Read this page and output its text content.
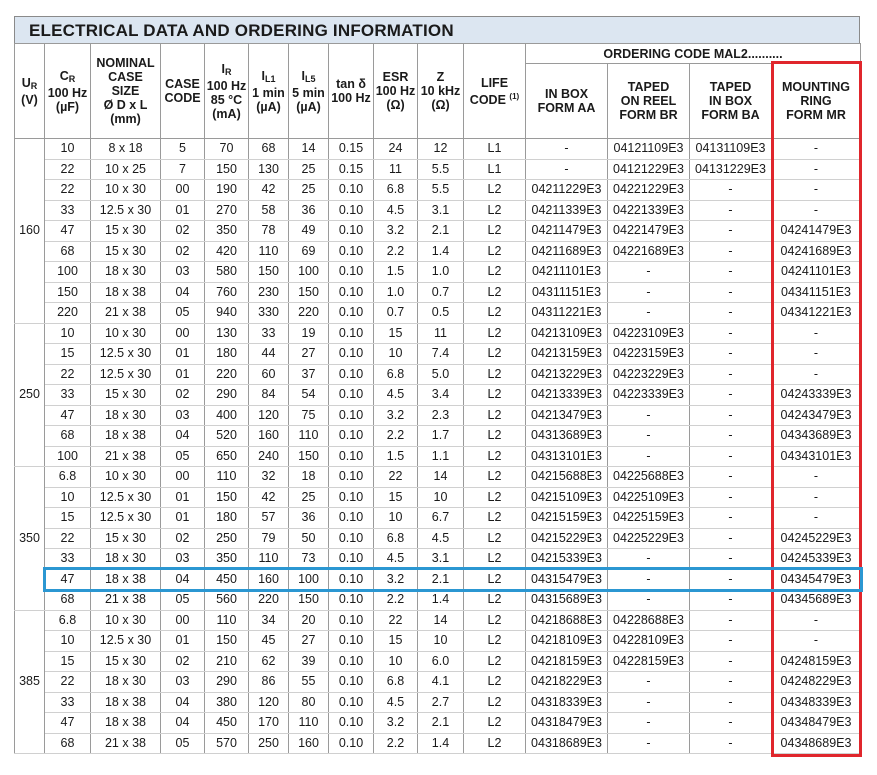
ELECTRICAL DATA AND ORDERING INFORMATION
$U_R$
(V)	$C_R$
100 Hz
(µF)	NOMINAL
CASE
SIZE
Ø D x L
(mm)	CASE
CODE	$I_R$
100 Hz
85 °C
(mA)	$I_{L1}$
1 min
(µA)	$I_{L5}$
5 min
(µA)	tan δ
100 Hz	ESR
100 Hz
(Ω)	Z
10 kHz
(Ω)	LIFE
CODE $^{(1)}$	ORDERING CODE MAL2..........			
											IN BOX
FORM AA	TAPED
ON REEL
FORM BR	TAPED
IN BOX
FORM BA	MOUNTING
RING
FORM MR
160	10	8 x 18	5	70	68	14	0.15	24	12	L1	-	04121109E3	04131109E3	-
	22	10 x 25	7	150	130	25	0.15	11	5.5	L1	-	04121229E3	04131229E3	-
	22	10 x 30	00	190	42	25	0.10	6.8	5.5	L2	04211229E3	04221229E3	-	-
	33	12.5 x 30	01	270	58	36	0.10	4.5	3.1	L2	04211339E3	04221339E3	-	-
	47	15 x 30	02	350	78	49	0.10	3.2	2.1	L2	04211479E3	04221479E3	-	04241479E3
	68	15 x 30	02	420	110	69	0.10	2.2	1.4	L2	04211689E3	04221689E3	-	04241689E3
	100	18 x 30	03	580	150	100	0.10	1.5	1.0	L2	04211101E3	-	-	04241101E3
	150	18 x 38	04	760	230	150	0.10	1.0	0.7	L2	04311151E3	-	-	04341151E3
	220	21 x 38	05	940	330	220	0.10	0.7	0.5	L2	04311221E3	-	-	04341221E3
250	10	10 x 30	00	130	33	19	0.10	15	11	L2	04213109E3	04223109E3	-	-
	15	12.5 x 30	01	180	44	27	0.10	10	7.4	L2	04213159E3	04223159E3	-	-
	22	12.5 x 30	01	220	60	37	0.10	6.8	5.0	L2	04213229E3	04223229E3	-	-
	33	15 x 30	02	290	84	54	0.10	4.5	3.4	L2	04213339E3	04223339E3	-	04243339E3
	47	18 x 30	03	400	120	75	0.10	3.2	2.3	L2	04213479E3	-	-	04243479E3
	68	18 x 38	04	520	160	110	0.10	2.2	1.7	L2	04313689E3	-	-	04343689E3
	100	21 x 38	05	650	240	150	0.10	1.5	1.1	L2	04313101E3	-	-	04343101E3
350	6.8	10 x 30	00	110	32	18	0.10	22	14	L2	04215688E3	04225688E3	-	-
	10	12.5 x 30	01	150	42	25	0.10	15	10	L2	04215109E3	04225109E3	-	-
	15	12.5 x 30	01	180	57	36	0.10	10	6.7	L2	04215159E3	04225159E3	-	-
	22	15 x 30	02	250	79	50	0.10	6.8	4.5	L2	04215229E3	04225229E3	-	04245229E3
	33	18 x 30	03	350	110	73	0.10	4.5	3.1	L2	04215339E3	-	-	04245339E3
	47	18 x 38	04	450	160	100	0.10	3.2	2.1	L2	04315479E3	-	-	04345479E3
	68	21 x 38	05	560	220	150	0.10	2.2	1.4	L2	04315689E3	-	-	04345689E3
385	6.8	10 x 30	00	110	34	20	0.10	22	14	L2	04218688E3	04228688E3	-	-
	10	12.5 x 30	01	150	45	27	0.10	15	10	L2	04218109E3	04228109E3	-	-
	15	15 x 30	02	210	62	39	0.10	10	6.0	L2	04218159E3	04228159E3	-	04248159E3
	22	18 x 30	03	290	86	55	0.10	6.8	4.1	L2	04218229E3	-	-	04248229E3
	33	18 x 38	04	380	120	80	0.10	4.5	2.7	L2	04318339E3	-	-	04348339E3
	47	18 x 38	04	450	170	110	0.10	3.2	2.1	L2	04318479E3	-	-	04348479E3
	68	21 x 38	05	570	250	160	0.10	2.2	1.4	L2	04318689E3	-	-	04348689E3
